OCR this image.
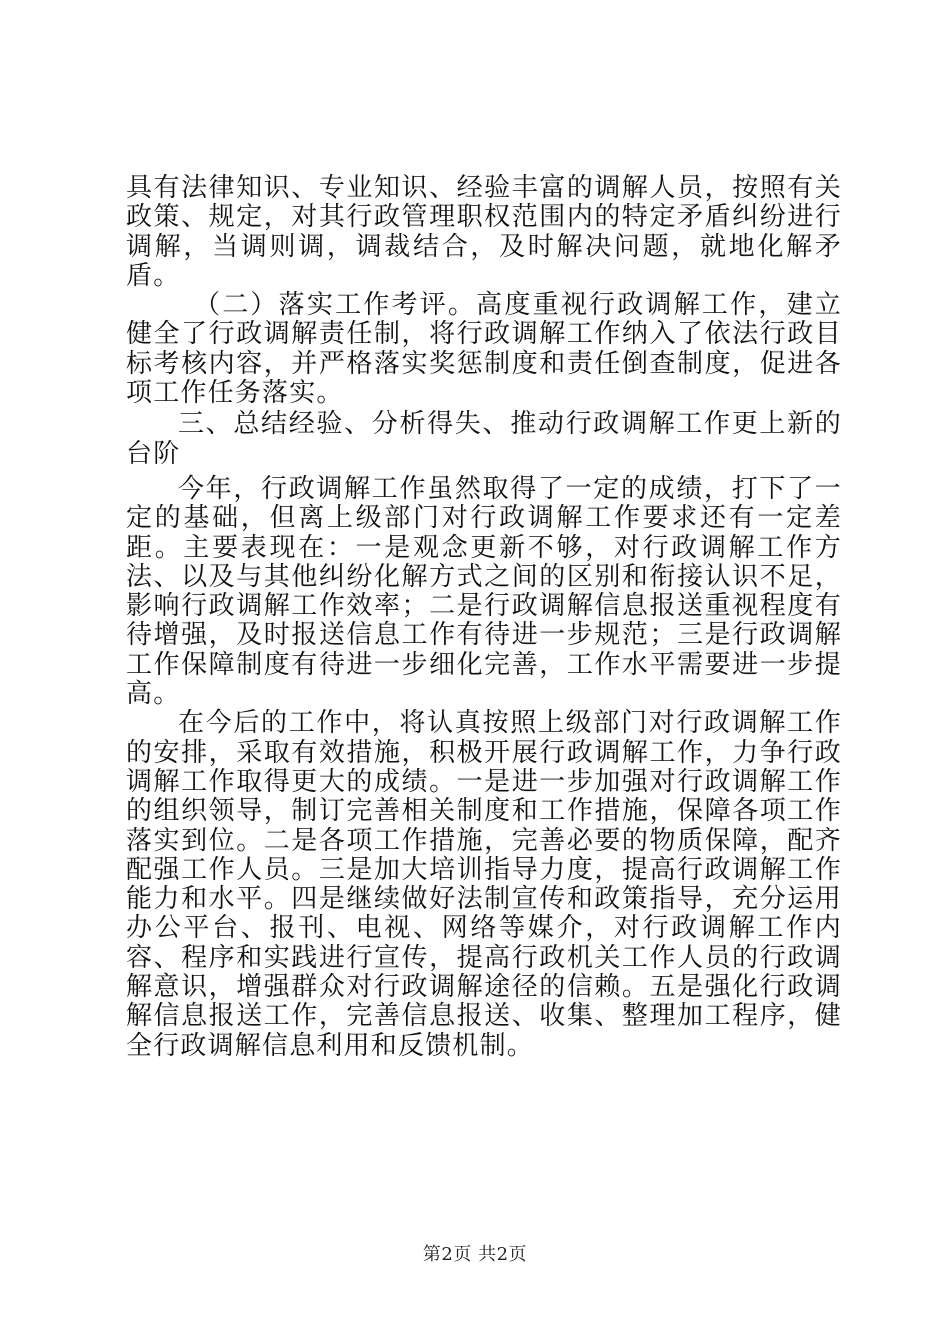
具有法律知识、专业知识、经验丰富的调解人员，按照有关政策、规定，对其行政管理职权范围内的特定矛盾纠纷进行调解，当调则调，调裁结合，及时解决问题，就地化解矛盾。

（二）落实工作考评。高度重视行政调解工作，建立健全了行政调解责任制，将行政调解工作纳入了依法行政目标考核内容，并严格落实奖惩制度和责任倒查制度，促进各项工作任务落实。

三、总结经验、分析得失、推动行政调解工作更上新的台阶

今年，行政调解工作虽然取得了一定的成绩，打下了一定的基础，但离上级部门对行政调解工作要求还有一定差距。主要表现在：一是观念更新不够，对行政调解工作方法、以及与其他纠纷化解方式之间的区别和衔接认识不足，影响行政调解工作效率；二是行政调解信息报送重视程度有待增强，及时报送信息工作有待进一步规范；三是行政调解工作保障制度有待进一步细化完善，工作水平需要进一步提高。

在今后的工作中，将认真按照上级部门对行政调解工作的安排，采取有效措施，积极开展行政调解工作，力争行政调解工作取得更大的成绩。一是进一步加强对行政调解工作的组织领导，制订完善相关制度和工作措施，保障各项工作落实到位。二是各项工作措施，完善必要的物质保障，配齐配强工作人员。三是加大培训指导力度，提高行政调解工作能力和水平。四是继续做好法制宣传和政策指导，充分运用办公平台、报刊、电视、网络等媒介，对行政调解工作内容、程序和实践进行宣传，提高行政机关工作人员的行政调解意识，增强群众对行政调解途径的信赖。五是强化行政调解信息报送工作，完善信息报送、收集、整理加工程序，健全行政调解信息利用和反馈机制。

第2页 共2页
